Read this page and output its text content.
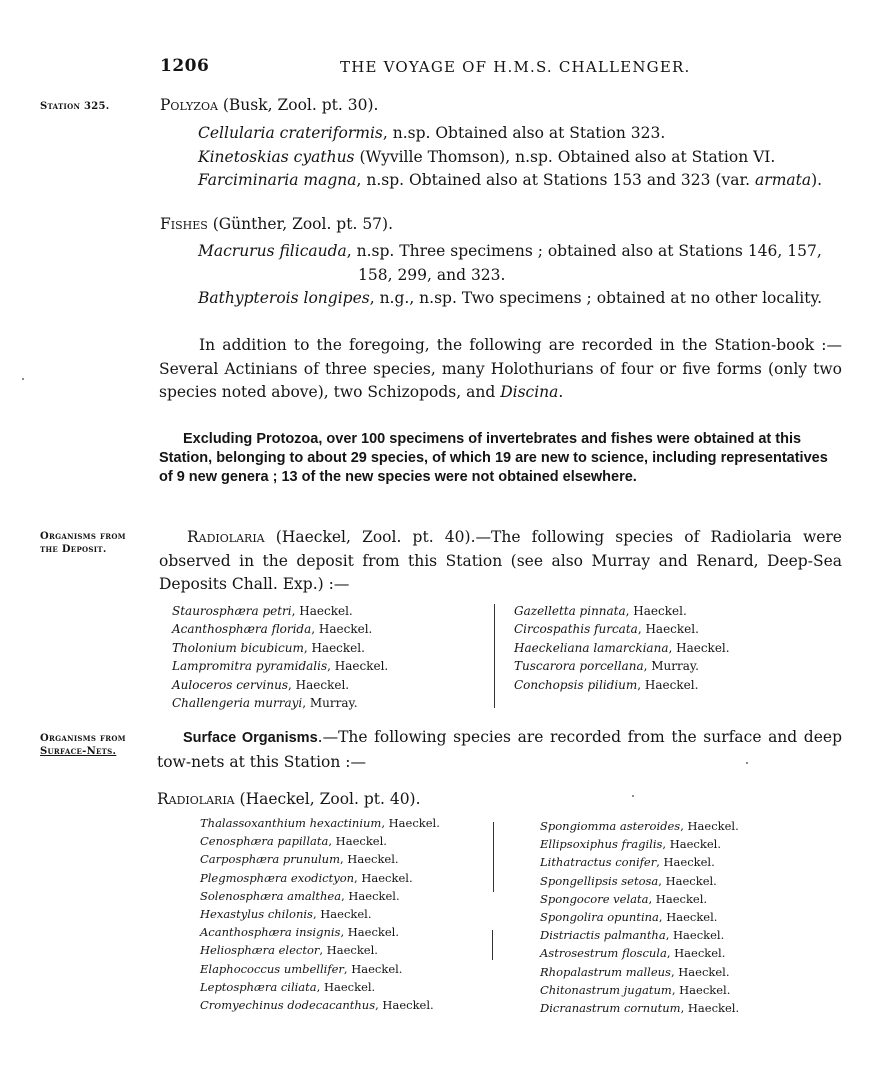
1206	THE VOYAGE OF H.M.S. CHALLENGER.
Station 325.	Polyzoa (Busk, Zool. pt. 30).
Cellularia crateriformis, n.sp. Obtained also at Station 323.
Kinetoskias cyathus (Wyville Thomson), n.sp. Obtained also at Station VI.
Farciminaria magna, n.sp. Obtained also at Stations 153 and 323 (var. armata).
Fishes (Günther, Zool. pt. 57).
Macrurus filicauda, n.sp. Three specimens ; obtained also at Stations 146, 157,
158, 299, and 323.
Bathypterois longipes, n.g., n.sp. Two specimens ; obtained at no other locality.
In addition to the foregoing, the following are recorded in the Station-book :—Several Actinians of three species, many Holothurians of four or five forms (only two species noted above), two Schizopods, and Discina.
Excluding Protozoa, over 100 specimens of invertebrates and fishes were obtained at this Station, belonging to about 29 species, of which 19 are new to science, including representatives of 9 new genera ; 13 of the new species were not obtained elsewhere.
Organisms from
the Deposit.
Radiolaria (Haeckel, Zool. pt. 40).—The following species of Radiolaria were observed in the deposit from this Station (see also Murray and Renard, Deep-Sea Deposits Chall. Exp.) :—
Staurosphæra petri, Haeckel.
Acanthosphæra florida, Haeckel.
Tholonium bicubicum, Haeckel.
Lampromitra pyramidalis, Haeckel.
Auloceros cervinus, Haeckel.
Challengeria murrayi, Murray.
Gazelletta pinnata, Haeckel.
Circospathis furcata, Haeckel.
Haeckeliana lamarckiana, Haeckel.
Tuscarora porcellana, Murray.
Conchopsis pilidium, Haeckel.
Organisms from
Surface-Nets.
Surface Organisms.—The following species are recorded from the surface and deep tow-nets at this Station :—
Radiolaria (Haeckel, Zool. pt. 40).
Thalassoxanthium hexactinium, Haeckel.
Cenosphæra papillata, Haeckel.
Carposphæra prunulum, Haeckel.
Plegmosphæra exodictyon, Haeckel.
Solenosphæra amalthea, Haeckel.
Hexastylus chilonis, Haeckel.
Acanthosphæra insignis, Haeckel.
Heliosphæra elector, Haeckel.
Elaphococcus umbellifer, Haeckel.
Leptosphæra ciliata, Haeckel.
Cromyechinus dodecacanthus, Haeckel.
Spongiomma asteroides, Haeckel.
Ellipsoxiphus fragilis, Haeckel.
Lithatractus conifer, Haeckel.
Spongellipsis setosa, Haeckel.
Spongocore velata, Haeckel.
Spongolira opuntina, Haeckel.
Distriactis palmantha, Haeckel.
Astrosestrum floscula, Haeckel.
Rhopalastrum malleus, Haeckel.
Chitonastrum jugatum, Haeckel.
Dicranastrum cornutum, Haeckel.
